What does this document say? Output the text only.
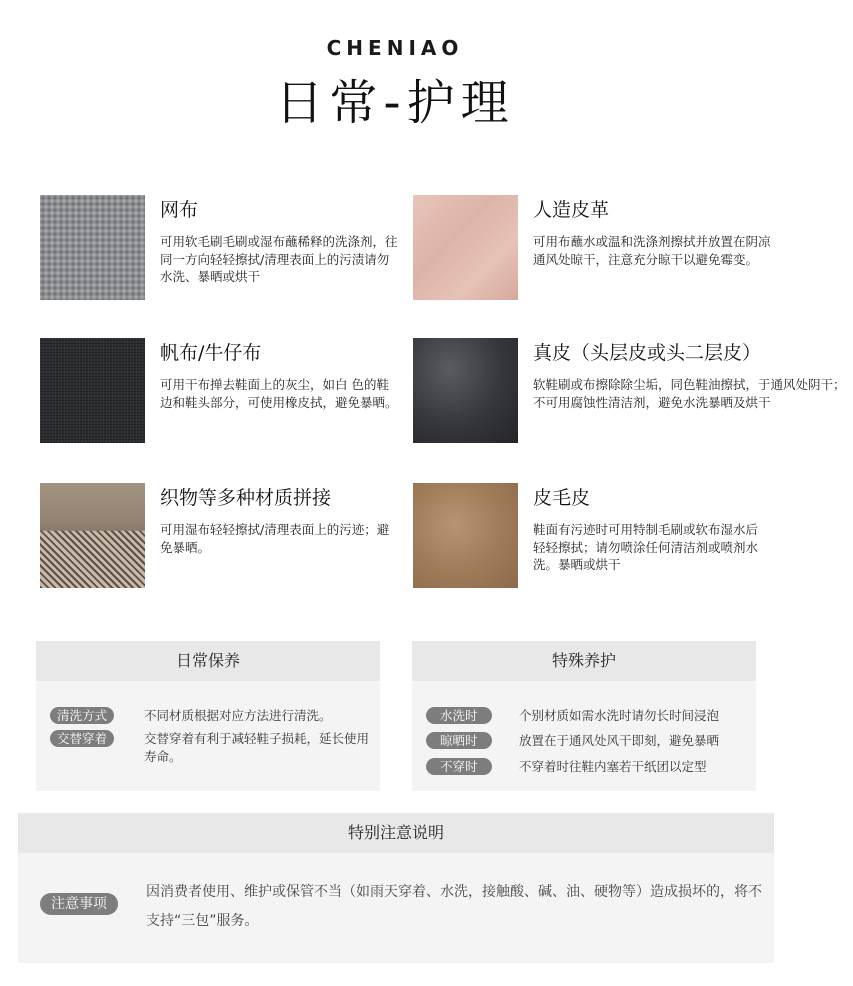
CHENIAO
日常-护理
网布
可用软毛刷毛刷或湿布蘸稀释的洗涤剂，往同一方向轻轻擦拭/清理表面上的污渍请勿水洗、暴晒或烘干
人造皮革
可用布蘸水或温和洗涤剂擦拭并放置在阴凉通风处晾干，注意充分晾干以避免霉变。
帆布/牛仔布
可用干布掸去鞋面上的灰尘，如白 色的鞋边和鞋头部分，可使用橡皮拭，避免暴晒。
真皮（头层皮或头二层皮）
软鞋刷或布擦除除尘垢，同色鞋油擦拭，于通风处阴干；不可用腐蚀性清洁剂，避免水洗暴晒及烘干
织物等多种材质拼接
可用湿布轻轻擦拭/清理表面上的污迹；避免暴晒。
皮毛皮
鞋面有污迹时可用特制毛刷或软布湿水后轻轻擦拭；请勿喷涂任何清洁剂或喷剂水洗。暴晒或烘干
日常保养
清洗方式	不同材质根据对应方法进行清洗。
交替穿着	交替穿着有利于减轻鞋子损耗，延长使用寿命。
特殊养护
水洗时	个别材质如需水洗时请勿长时间浸泡
晾晒时	放置在于通风处风干即刻，避免暴晒
不穿时	不穿着时往鞋内塞若干纸团以定型
特别注意说明
注意事项
因消费者使用、维护或保管不当（如雨天穿着、水洗，接触酸、碱、油、硬物等）造成损坏的，将不支持“三包”服务。
